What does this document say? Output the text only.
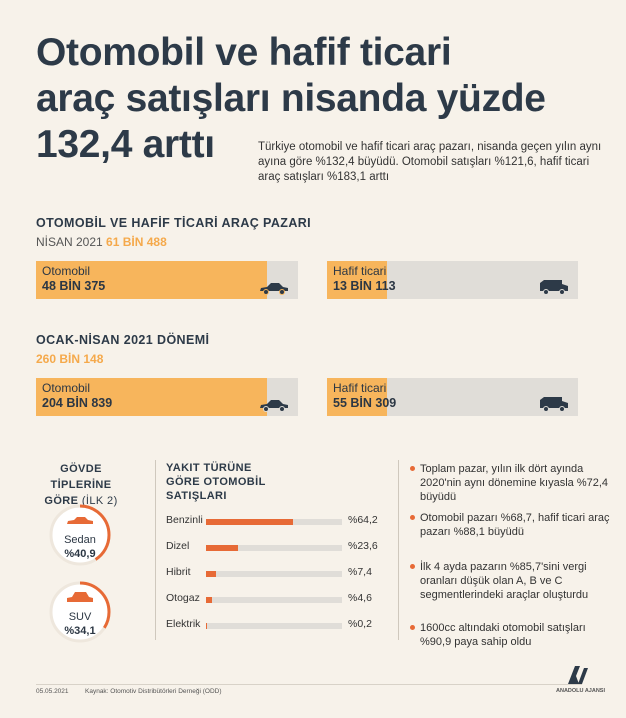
Otomobil ve hafif ticari
araç satışları nisanda yüzde
132,4 arttı	Türkiye otomobil ve hafif ticari araç pazarı, nisanda geçen yılın aynı ayına göre %132,4 büyüdü. Otomobil satışları %121,6, hafif ticari araç satışları %183,1 arttı
OTOMOBİL VE HAFİF TİCARİ ARAÇ PAZARI
NİSAN 2021 61 BİN 488
Otomobil
48 BİN 375
Hafif ticari
13 BİN 113
OCAK-NİSAN 2021 DÖNEMİ
260 BİN 148
Otomobil
204 BİN 839
Hafif ticari
55 BİN 309
GÖVDE TİPLERİNE
GÖRE (İLK 2)
Sedan
%40,9
SUV
%34,1
YAKIT TÜRÜNE
GÖRE OTOMOBİL
SATIŞLARI
Benzinli	%64,2
Dizel	%23,6
Hibrit	%7,4
Otogaz	%4,6
Elektrik	%0,2
Toplam pazar, yılın ilk dört ayında 2020'nin aynı dönemine kıyasla %72,4 büyüdü
Otomobil pazarı %68,7, hafif ticari araç pazarı %88,1 büyüdü
İlk 4 ayda pazarın %85,7'sini vergi oranları düşük olan A, B ve C segmentlerindeki araçlar oluşturdu
1600cc altındaki otomobil satışları %90,9 paya sahip oldu
05.05.2021	Kaynak: Otomotiv Distribütörleri Derneği (ODD)	ANADOLU AJANSI
